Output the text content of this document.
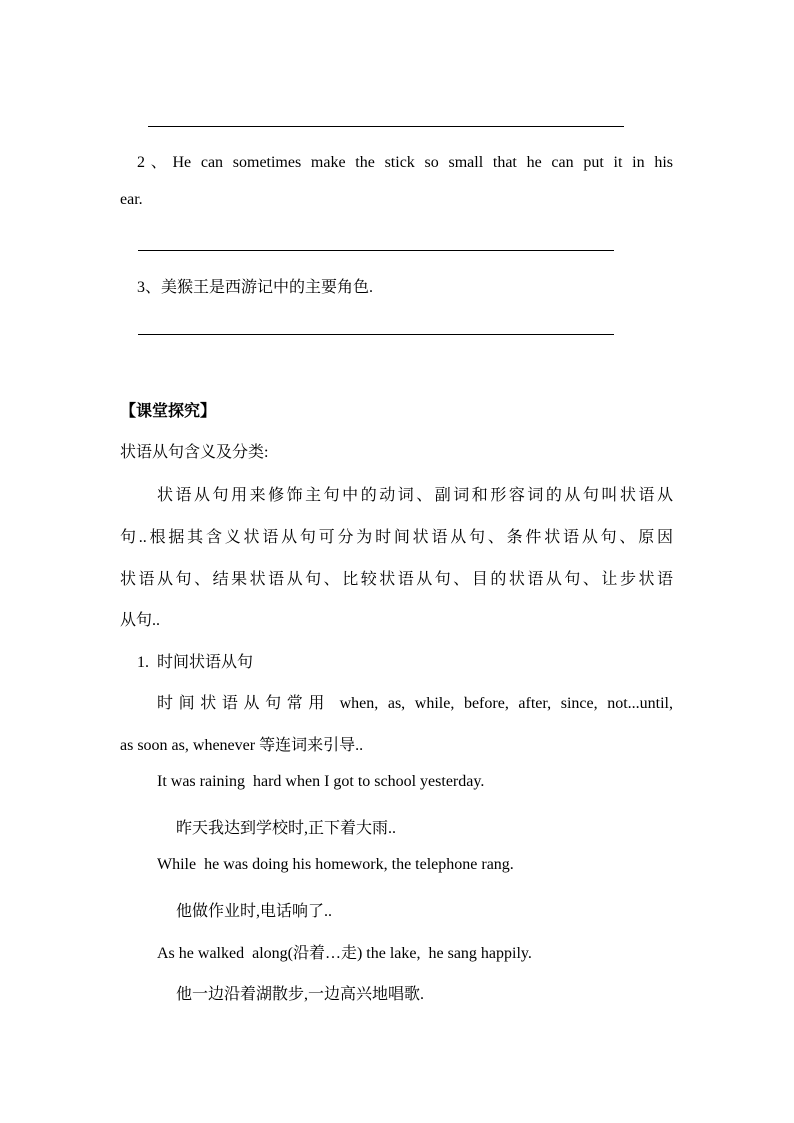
2、He can sometimes make the stick so small that he can put it in his
ear.
3、美猴王是西游记中的主要角色.
【课堂探究】
状语从句含义及分类:
状语从句用来修饰主句中的动词、副词和形容词的从句叫状语从
句..根据其含义状语从句可分为时间状语从句、条件状语从句、原因
状语从句、结果状语从句、比较状语从句、目的状语从句、让步状语
从句..
1.  时间状语从句
时间状语从句常用 when, as, while, before, after, since, not...until,
as soon as, whenever 等连词来引导..
It was raining  hard when I got to school yesterday.
昨天我达到学校时,正下着大雨..
While  he was doing his homework, the telephone rang.
他做作业时,电话响了..
As he walked  along(沿着…走) the lake,  he sang happily.
他一边沿着湖散步,一边高兴地唱歌.
